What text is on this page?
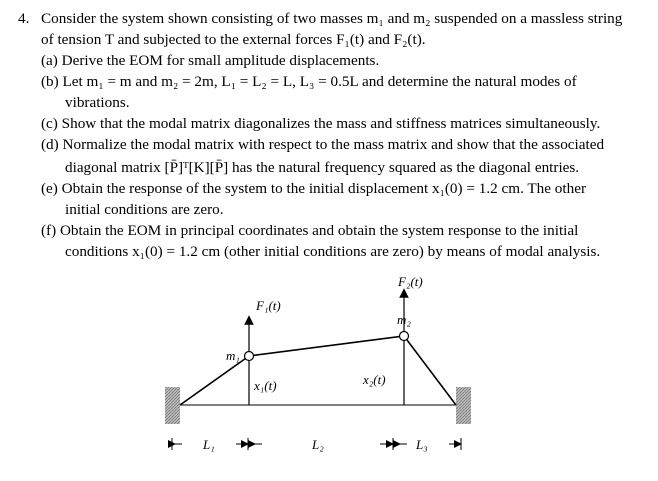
4. Consider the system shown consisting of two masses m₁ and m₂ suspended on a massless string
of tension T and subjected to the external forces F₁(t) and F₂(t).
(a) Derive the EOM for small amplitude displacements.
(b) Let m₁ = m and m₂ = 2m, L₁ = L₂ = L, L₃ = 0.5L and determine the natural modes of
vibrations.
(c) Show that the modal matrix diagonalizes the mass and stiffness matrices simultaneously.
(d) Normalize the modal matrix with respect to the mass matrix and show that the associated
diagonal matrix [P̄]ᵀ[K][P̄] has the natural frequency squared as the diagonal entries.
(e) Obtain the response of the system to the initial displacement x₁(0) = 1.2 cm. The other
initial conditions are zero.
(f) Obtain the EOM in principal coordinates and obtain the system response to the initial
conditions x₁(0) = 1.2 cm (other initial conditions are zero) by means of modal analysis.
F₁(t)
F₂(t)
m₁
m₂
x₁(t)	x₂(t)
L₁	L₂	L₃
